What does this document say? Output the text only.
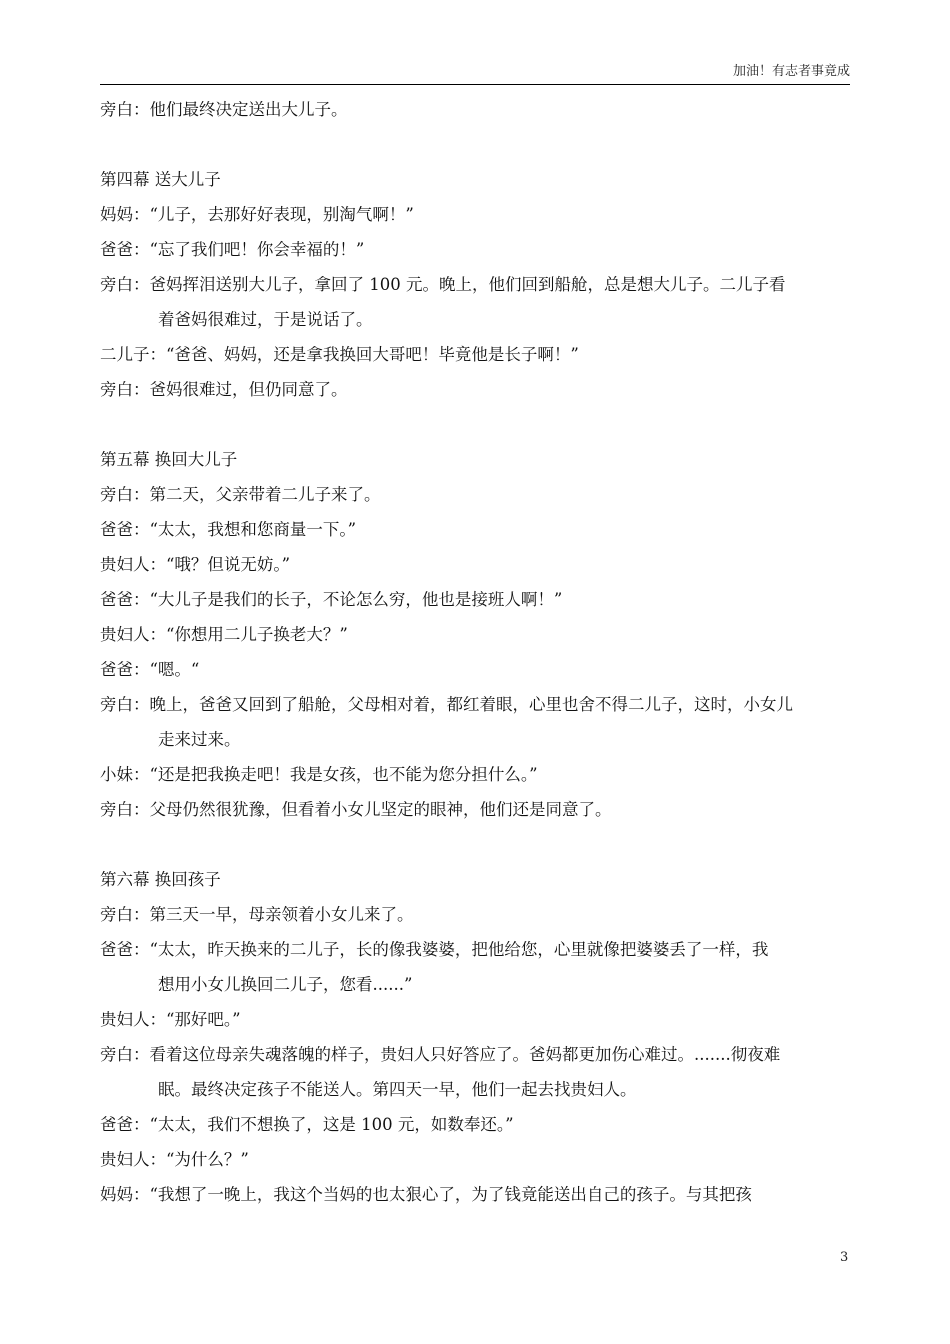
加油！有志者事竟成
旁白：他们最终决定送出大儿子。
第四幕 送大儿子
妈妈：“儿子，去那好好表现，别淘气啊！”
爸爸：“忘了我们吧！你会幸福的！”
旁白：爸妈挥泪送别大儿子，拿回了 100 元。晚上，他们回到船舱，总是想大儿子。二儿子看
着爸妈很难过，于是说话了。
二儿子：“爸爸、妈妈，还是拿我换回大哥吧！毕竟他是长子啊！”
旁白：爸妈很难过，但仍同意了。
第五幕 换回大儿子
旁白：第二天，父亲带着二儿子来了。
爸爸：“太太，我想和您商量一下。”
贵妇人：“哦？但说无妨。”
爸爸：“大儿子是我们的长子，不论怎么穷，他也是接班人啊！”
贵妇人：“你想用二儿子换老大？”
爸爸：“嗯。“
旁白：晚上，爸爸又回到了船舱，父母相对着，都红着眼，心里也舍不得二儿子，这时，小女儿
走来过来。
小妹：“还是把我换走吧！我是女孩，也不能为您分担什么。”
旁白：父母仍然很犹豫，但看着小女儿坚定的眼神，他们还是同意了。
第六幕 换回孩子
旁白：第三天一早，母亲领着小女儿来了。
爸爸：“太太，昨天换来的二儿子，长的像我婆婆，把他给您，心里就像把婆婆丢了一样，我
想用小女儿换回二儿子，您看......”
贵妇人：“那好吧。”
旁白：看着这位母亲失魂落魄的样子，贵妇人只好答应了。爸妈都更加伤心难过。.......彻夜难
眠。最终决定孩子不能送人。第四天一早，他们一起去找贵妇人。
爸爸：“太太，我们不想换了，这是 100 元，如数奉还。”
贵妇人：“为什么？”
妈妈：“我想了一晚上，我这个当妈的也太狠心了，为了钱竟能送出自己的孩子。与其把孩
3
